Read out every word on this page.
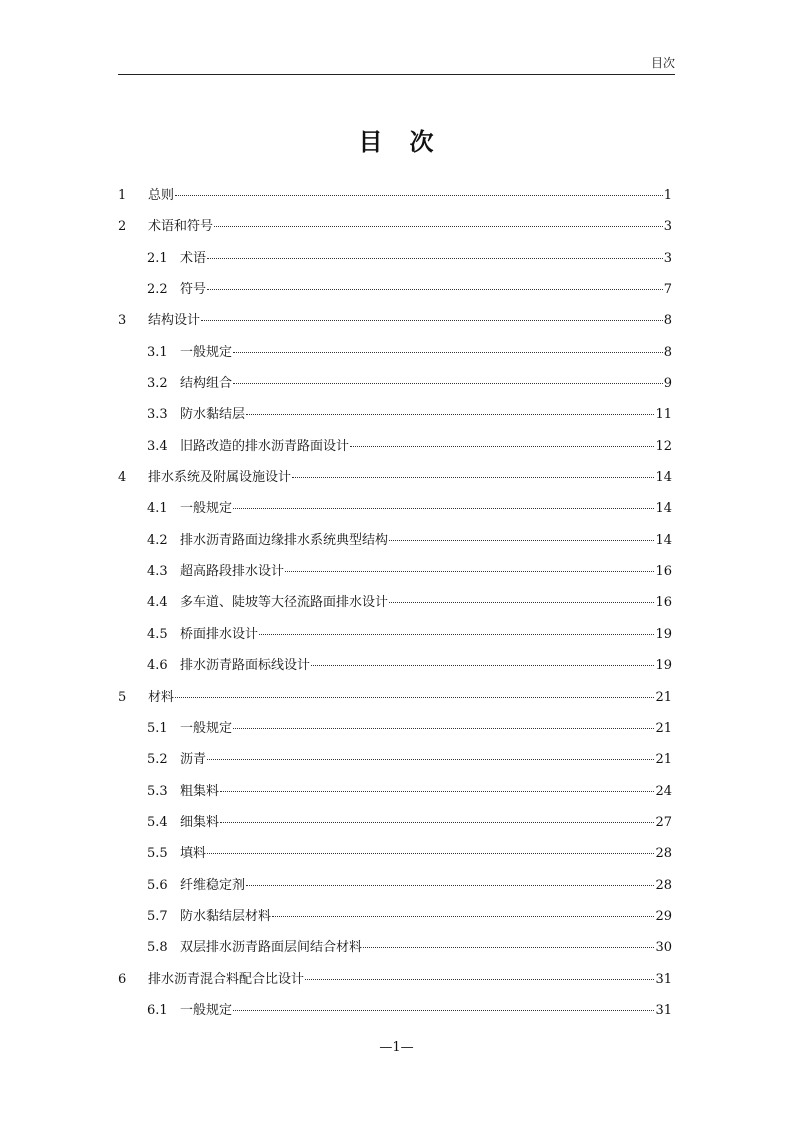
目次
目 次
1	总则	1
2	术语和符号	3
2.1 术语	3
2.2 符号	7
3	结构设计	8
3.1 一般规定	8
3.2 结构组合	9
3.3 防水黏结层	11
3.4 旧路改造的排水沥青路面设计	12
4	排水系统及附属设施设计	14
4.1 一般规定	14
4.2 排水沥青路面边缘排水系统典型结构	14
4.3 超高路段排水设计	16
4.4 多车道、陡坡等大径流路面排水设计	16
4.5 桥面排水设计	19
4.6 排水沥青路面标线设计	19
5	材料	21
5.1 一般规定	21
5.2 沥青	21
5.3 粗集料	24
5.4 细集料	27
5.5 填料	28
5.6 纤维稳定剂	28
5.7 防水黏结层材料	29
5.8 双层排水沥青路面层间结合材料	30
6	排水沥青混合料配合比设计	31
6.1 一般规定	31
—1—
